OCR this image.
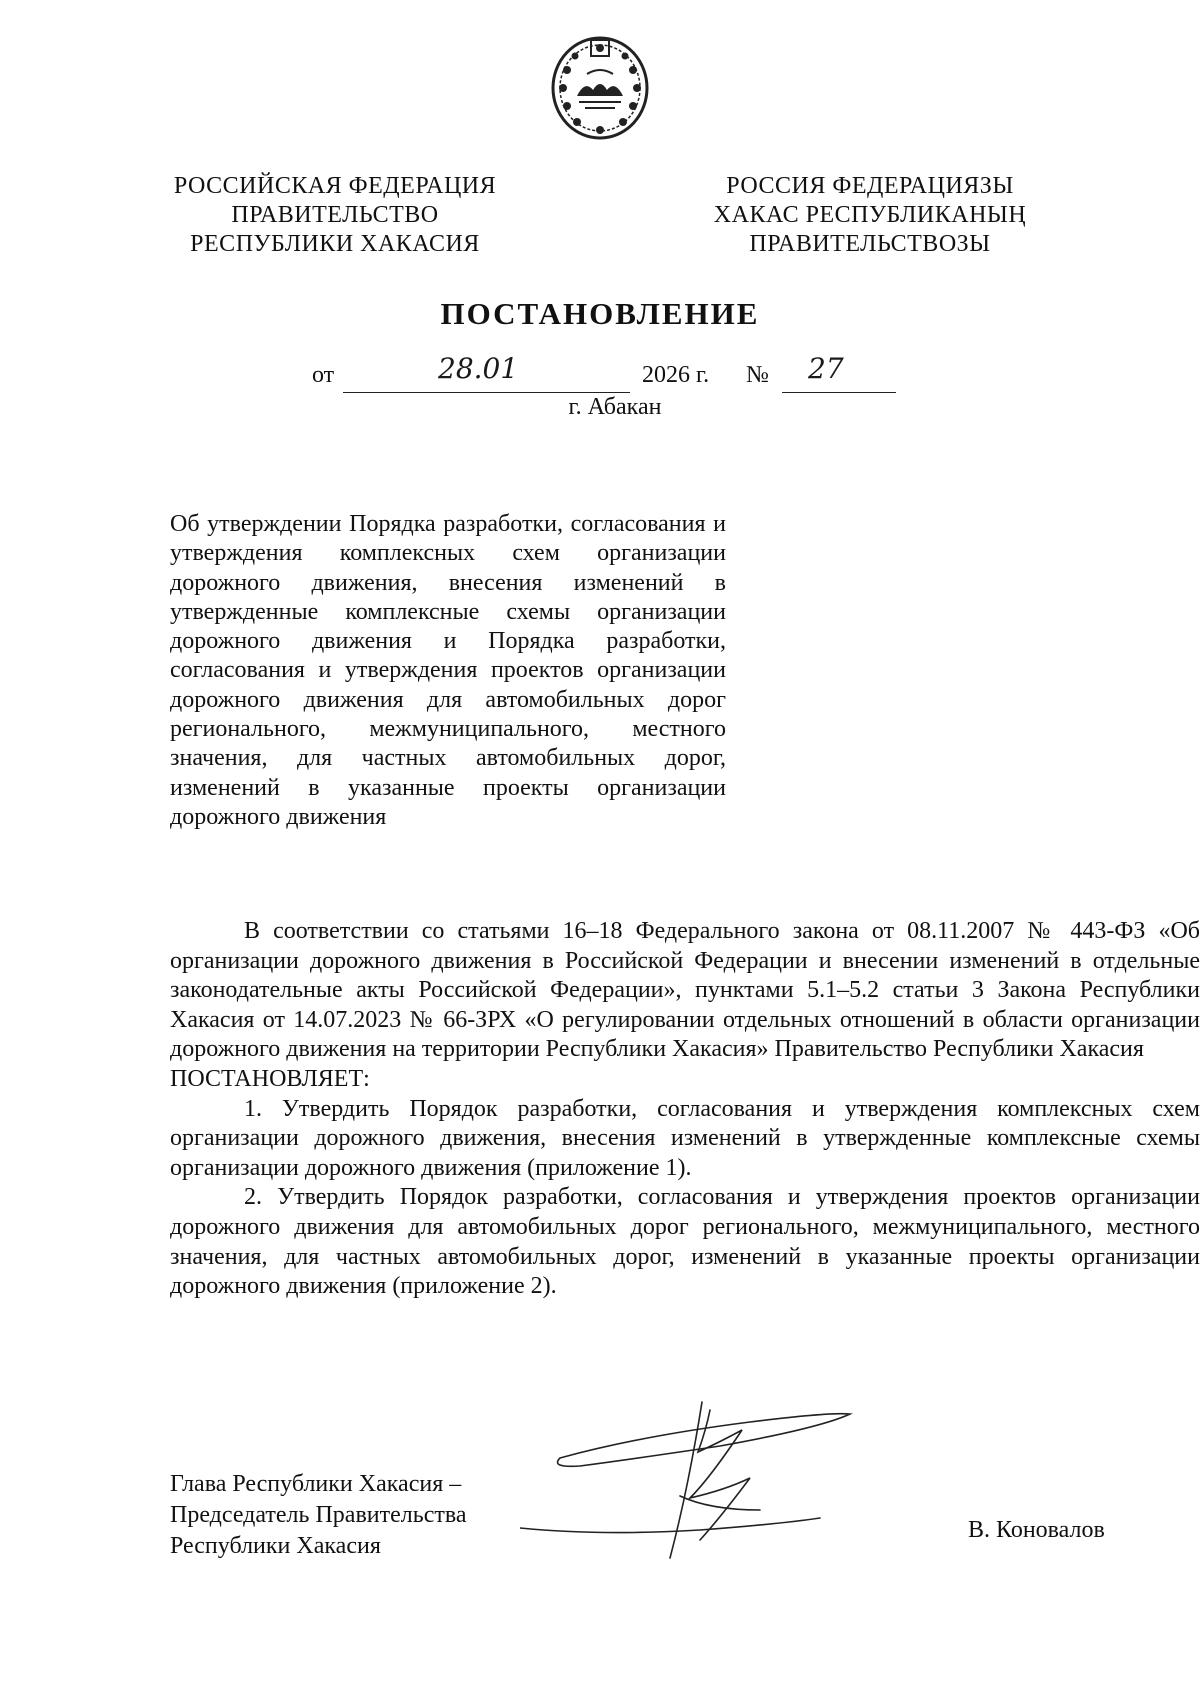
РОССИЙСКАЯ ФЕДЕРАЦИЯ
ПРАВИТЕЛЬСТВО
РЕСПУБЛИКИ ХАКАСИЯ
РОССИЯ ФЕДЕРАЦИЯЗЫ
ХАКАС РЕСПУБЛИКАНЫҢ
ПРАВИТЕЛЬСТВОЗЫ
ПОСТАНОВЛЕНИЕ
от	28.01	2026 г. № 27
г. Абакан
Об утверждении Порядка разработки, согласования и утверждения комплексных схем организации дорожного движения, внесения изменений в утвержденные комплексные схемы организации дорожного движения и Порядка разработки, согласования и утверждения проектов организации дорожного движения для автомобильных дорог регионального, межмуниципального, местного значения, для частных автомобильных дорог, изменений в указанные проекты организации дорожного движения

В соответствии со статьями 16–18 Федерального закона от 08.11.2007 № 443-ФЗ «Об организации дорожного движения в Российской Федерации и внесении изменений в отдельные законодательные акты Российской Федерации», пунктами 5.1–5.2 статьи 3 Закона Республики Хакасия от 14.07.2023 № 66-ЗРХ «О регулировании отдельных отношений в области организации дорожного движения на территории Республики Хакасия» Правительство Республики Хакасия

ПОСТАНОВЛЯЕТ:

1. Утвердить Порядок разработки, согласования и утверждения комплексных схем организации дорожного движения, внесения изменений в утвержденные комплексные схемы организации дорожного движения (приложение 1).

2. Утвердить Порядок разработки, согласования и утверждения проектов организации дорожного движения для автомобильных дорог регионального, межмуниципального, местного значения, для частных автомобильных дорог, изменений в указанные проекты организации дорожного движения (приложение 2).

Глава Республики Хакасия –
Председатель Правительства
Республики Хакасия
В. Коновалов
